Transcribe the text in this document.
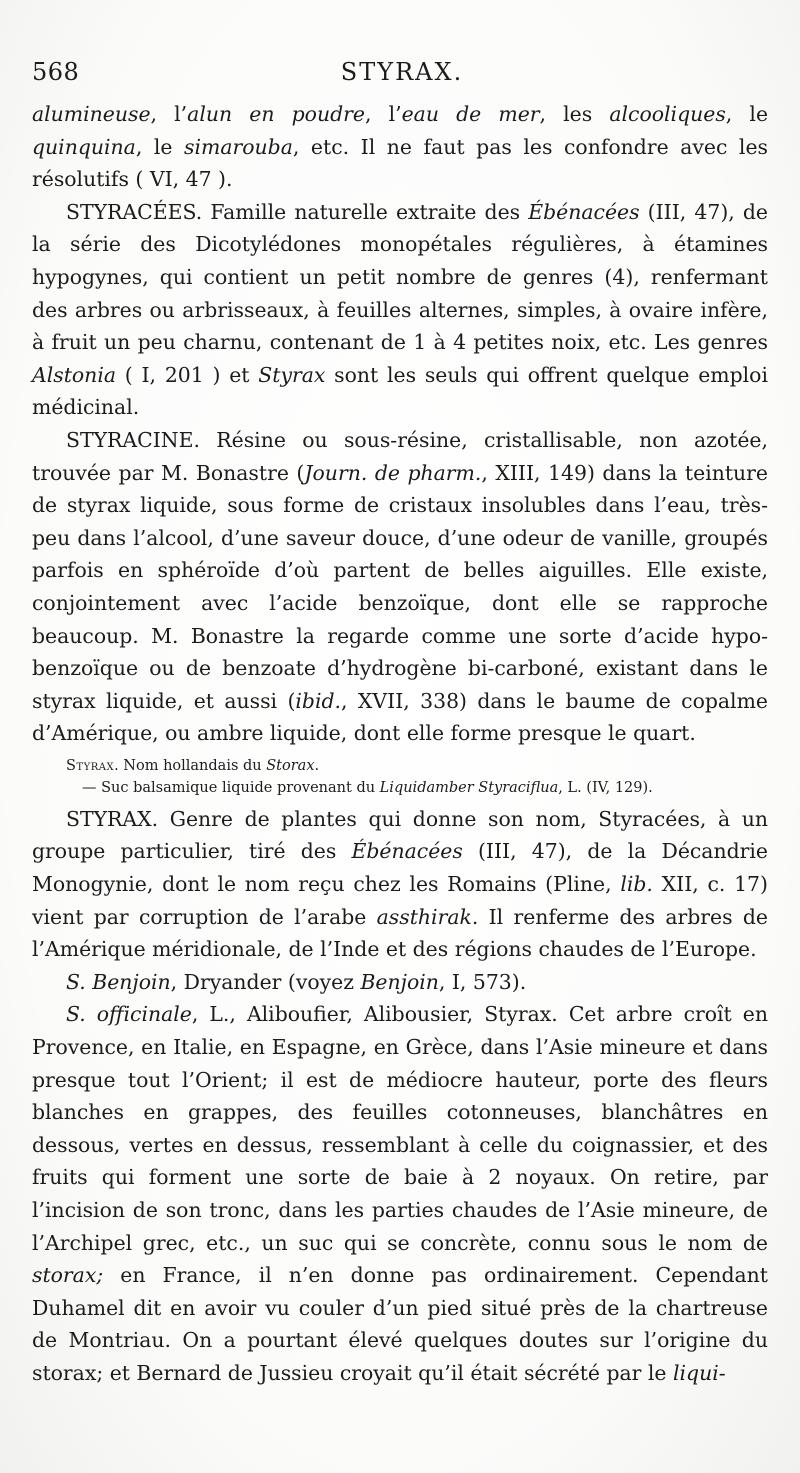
568	STYRAX.

alumineuse, l’alun en poudre, l’eau de mer, les alcooliques, le quinquina, le simarouba, etc. Il ne faut pas les confondre avec les résolutifs ( VI, 47 ).

STYRACÉES. Famille naturelle extraite des Ébénacées (III, 47), de la série des Dicotylédones monopétales régulières, à étamines hypogynes, qui contient un petit nombre de genres (4), renfermant des arbres ou arbrisseaux, à feuilles alternes, simples, à ovaire infère, à fruit un peu charnu, contenant de 1 à 4 petites noix, etc. Les genres Alstonia ( I, 201 ) et Styrax sont les seuls qui offrent quelque emploi médicinal.

STYRACINE. Résine ou sous-résine, cristallisable, non azotée, trouvée par M. Bonastre (Journ. de pharm., XIII, 149) dans la teinture de styrax liquide, sous forme de cristaux insolubles dans l’eau, très-peu dans l’alcool, d’une saveur douce, d’une odeur de vanille, groupés parfois en sphéroïde d’où partent de belles aiguilles. Elle existe, conjointement avec l’acide benzoïque, dont elle se rapproche beaucoup. M. Bonastre la regarde comme une sorte d’acide hypo-benzoïque ou de benzoate d’hydrogène bi-carboné, existant dans le styrax liquide, et aussi (ibid., XVII, 338) dans le baume de copalme d’Amérique, ou ambre liquide, dont elle forme presque le quart.

Styrax. Nom hollandais du Storax.
— Suc balsamique liquide provenant du Liquidamber Styraciflua, L. (IV, 129).

STYRAX. Genre de plantes qui donne son nom, Styracées, à un groupe particulier, tiré des Ébénacées (III, 47), de la Décandrie Monogynie, dont le nom reçu chez les Romains (Pline, lib. XII, c. 17) vient par corruption de l’arabe assthirak. Il renferme des arbres de l’Amérique méridionale, de l’Inde et des régions chaudes de l’Europe.

S. Benjoin, Dryander (voyez Benjoin, I, 573).

S. officinale, L., Aliboufier, Alibousier, Styrax. Cet arbre croît en Provence, en Italie, en Espagne, en Grèce, dans l’Asie mineure et dans presque tout l’Orient; il est de médiocre hauteur, porte des fleurs blanches en grappes, des feuilles cotonneuses, blanchâtres en dessous, vertes en dessus, ressemblant à celle du coignassier, et des fruits qui forment une sorte de baie à 2 noyaux. On retire, par l’incision de son tronc, dans les parties chaudes de l’Asie mineure, de l’Archipel grec, etc., un suc qui se concrète, connu sous le nom de storax; en France, il n’en donne pas ordinairement. Cependant Duhamel dit en avoir vu couler d’un pied situé près de la chartreuse de Montriau. On a pourtant élevé quelques doutes sur l’origine du storax; et Bernard de Jussieu croyait qu’il était sécrété par le liqui-
